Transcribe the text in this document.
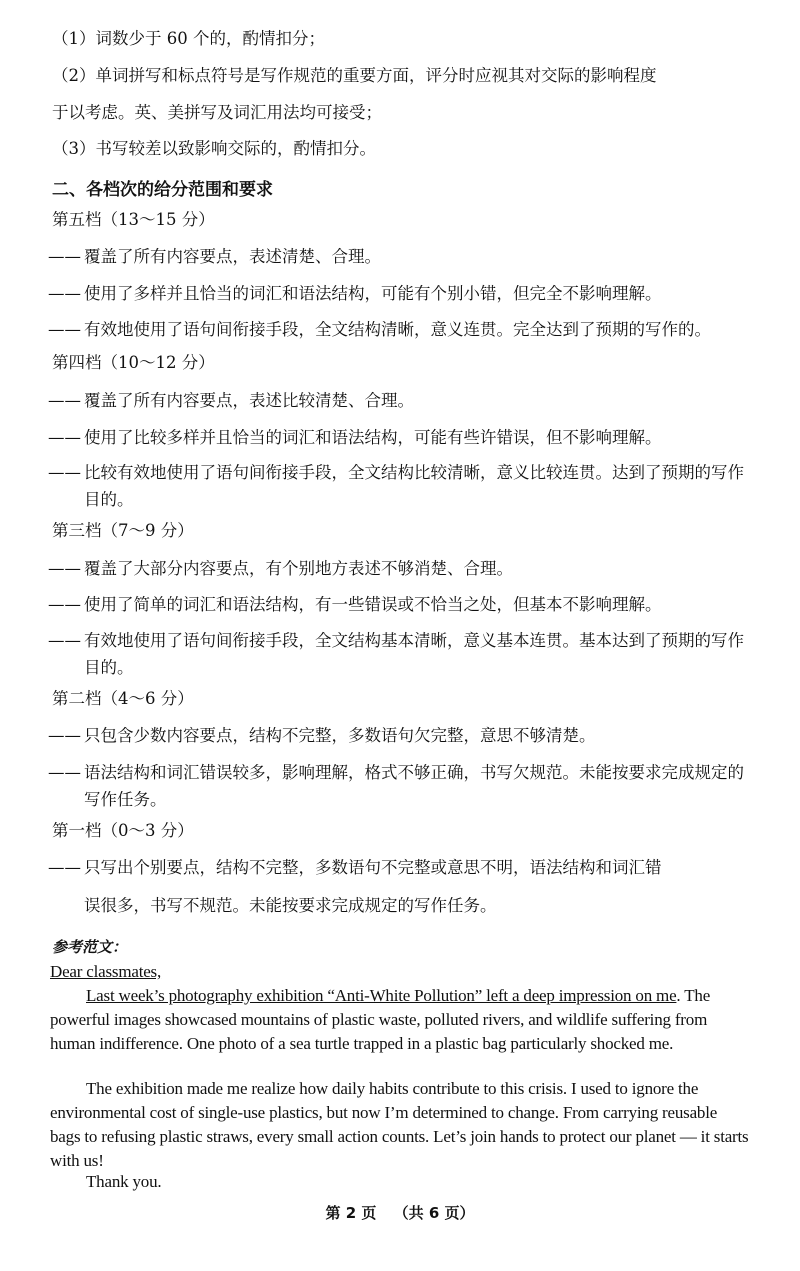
（1）词数少于 60 个的，酌情扣分；
（2）单词拼写和标点符号是写作规范的重要方面，评分时应视其对交际的影响程度
于以考虑。英、美拼写及词汇用法均可接受；
（3）书写较差以致影响交际的，酌情扣分。
二、各档次的给分范围和要求
第五档（13～15 分）
—— 覆盖了所有内容要点，表述清楚、合理。
—— 使用了多样并且恰当的词汇和语法结构，可能有个别小错，但完全不影响理解。
—— 有效地使用了语句间衔接手段，全文结构清晰，意义连贯。完全达到了预期的写作的。
第四档（10～12 分）
—— 覆盖了所有内容要点，表述比较清楚、合理。
—— 使用了比较多样并且恰当的词汇和语法结构，可能有些许错误，但不影响理解。
—— 比较有效地使用了语句间衔接手段，全文结构比较清晰，意义比较连贯。达到了预期的写作目的。
第三档（7～9 分）
—— 覆盖了大部分内容要点，有个别地方表述不够消楚、合理。
—— 使用了简单的词汇和语法结构，有一些错误或不恰当之处，但基本不影响理解。
—— 有效地使用了语句间衔接手段，全文结构基本清晰，意义基本连贯。基本达到了预期的写作目的。
第二档（4～6 分）
—— 只包含少数内容要点，结构不完整，多数语句欠完整，意思不够清楚。
—— 语法结构和词汇错误较多，影响理解，格式不够正确，书写欠规范。未能按要求完成规定的写作任务。
第一档（0～3 分）
—— 只写出个别要点，结构不完整，多数语句不完整或意思不明，语法结构和词汇错
误很多，书写不规范。未能按要求完成规定的写作任务。
参考范文：
Dear classmates,
Last week’s photography exhibition “Anti-White Pollution” left a deep impression on me. The powerful images showcased mountains of plastic waste, polluted rivers, and wildlife suffering from human indifference. One photo of a sea turtle trapped in a plastic bag particularly shocked me.
The exhibition made me realize how daily habits contribute to this crisis. I used to ignore the environmental cost of single-use plastics, but now I’m determined to change. From carrying reusable bags to refusing plastic straws, every small action counts. Let’s join hands to protect our planet — it starts with us!
Thank you.
第 2 页 （共 6 页）
